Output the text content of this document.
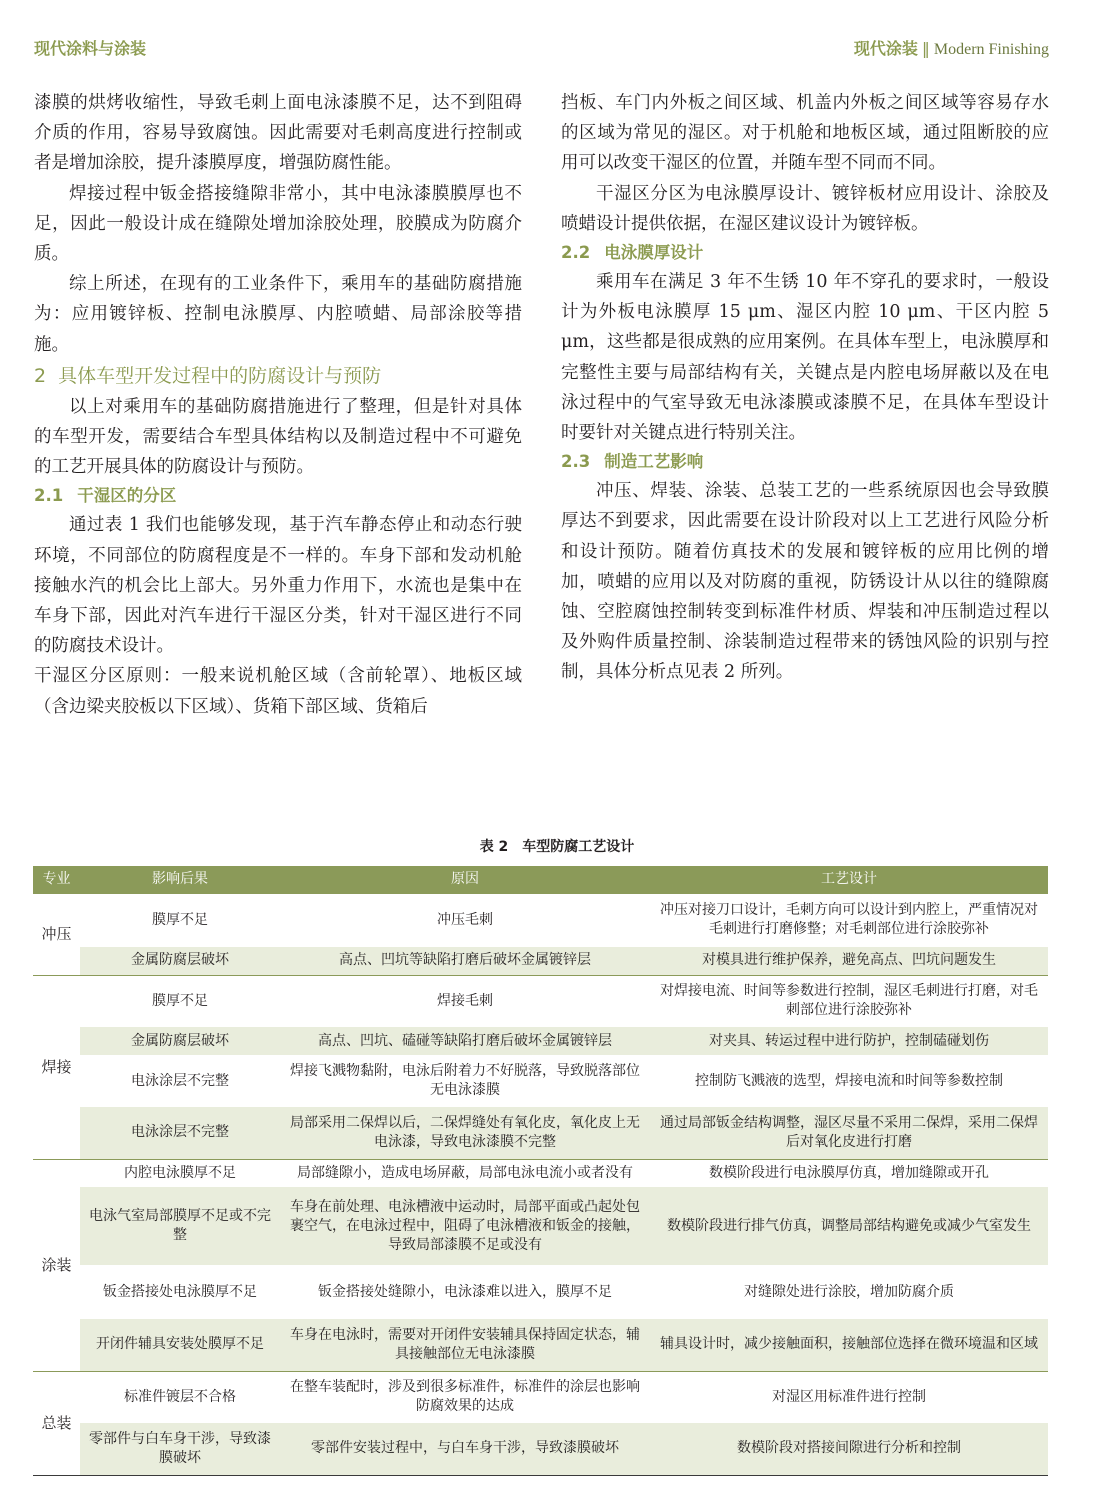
现代涂料与涂装	现代涂装 ‖ Modern Finishing

漆膜的烘烤收缩性，导致毛刺上面电泳漆膜不足，达不到阻碍介质的作用，容易导致腐蚀。因此需要对毛刺高度进行控制或者是增加涂胶，提升漆膜厚度，增强防腐性能。

焊接过程中钣金搭接缝隙非常小，其中电泳漆膜膜厚也不足，因此一般设计成在缝隙处增加涂胶处理，胶膜成为防腐介质。

综上所述，在现有的工业条件下，乘用车的基础防腐措施为：应用镀锌板、控制电泳膜厚、内腔喷蜡、局部涂胶等措施。

2 具体车型开发过程中的防腐设计与预防

以上对乘用车的基础防腐措施进行了整理，但是针对具体的车型开发，需要结合车型具体结构以及制造过程中不可避免的工艺开展具体的防腐设计与预防。

2.1 干湿区的分区

通过表 1 我们也能够发现，基于汽车静态停止和动态行驶环境，不同部位的防腐程度是不一样的。车身下部和发动机舱接触水汽的机会比上部大。另外重力作用下，水流也是集中在车身下部，因此对汽车进行干湿区分类，针对干湿区进行不同的防腐技术设计。

干湿区分区原则：一般来说机舱区域（含前轮罩）、地板区域（含边梁夹胶板以下区域）、货箱下部区域、货箱后

挡板、车门内外板之间区域、机盖内外板之间区域等容易存水的区域为常见的湿区。对于机舱和地板区域，通过阻断胶的应用可以改变干湿区的位置，并随车型不同而不同。

干湿区分区为电泳膜厚设计、镀锌板材应用设计、涂胶及喷蜡设计提供依据，在湿区建议设计为镀锌板。

2.2 电泳膜厚设计

乘用车在满足 3 年不生锈 10 年不穿孔的要求时，一般设计为外板电泳膜厚 15 μm、湿区内腔 10 μm、干区内腔 5 μm，这些都是很成熟的应用案例。在具体车型上，电泳膜厚和完整性主要与局部结构有关，关键点是内腔电场屏蔽以及在电泳过程中的气室导致无电泳漆膜或漆膜不足，在具体车型设计时要针对关键点进行特别关注。

2.3 制造工艺影响

冲压、焊装、涂装、总装工艺的一些系统原因也会导致膜厚达不到要求，因此需要在设计阶段对以上工艺进行风险分析和设计预防。随着仿真技术的发展和镀锌板的应用比例的增加，喷蜡的应用以及对防腐的重视，防锈设计从以往的缝隙腐蚀、空腔腐蚀控制转变到标准件材质、焊装和冲压制造过程以及外购件质量控制、涂装制造过程带来的锈蚀风险的识别与控制，具体分析点见表 2 所列。

表 2　车型防腐工艺设计
专业	影响后果	原因	工艺设计
冲压	膜厚不足	冲压毛刺	冲压对接刀口设计，毛刺方向可以设计到内腔上，严重情况对毛刺进行打磨修整；对毛刺部位进行涂胶弥补
	金属防腐层破坏	高点、凹坑等缺陷打磨后破坏金属镀锌层	对模具进行维护保养，避免高点、凹坑问题发生
焊接	膜厚不足	焊接毛刺	对焊接电流、时间等参数进行控制，湿区毛刺进行打磨，对毛刺部位进行涂胶弥补
	金属防腐层破坏	高点、凹坑、磕碰等缺陷打磨后破坏金属镀锌层	对夹具、转运过程中进行防护，控制磕碰划伤
	电泳涂层不完整	焊接飞溅物黏附，电泳后附着力不好脱落，导致脱落部位无电泳漆膜	控制防飞溅液的选型，焊接电流和时间等参数控制
	电泳涂层不完整	局部采用二保焊以后，二保焊缝处有氧化皮，氧化皮上无电泳漆，导致电泳漆膜不完整	通过局部钣金结构调整，湿区尽量不采用二保焊，采用二保焊后对氧化皮进行打磨
涂装	内腔电泳膜厚不足	局部缝隙小，造成电场屏蔽，局部电泳电流小或者没有	数模阶段进行电泳膜厚仿真，增加缝隙或开孔
	电泳气室局部膜厚不足或不完整	车身在前处理、电泳槽液中运动时，局部平面或凸起处包裹空气，在电泳过程中，阻碍了电泳槽液和钣金的接触，导致局部漆膜不足或没有	数模阶段进行排气仿真，调整局部结构避免或减少气室发生
	钣金搭接处电泳膜厚不足	钣金搭接处缝隙小，电泳漆难以进入，膜厚不足	对缝隙处进行涂胶，增加防腐介质
	开闭件辅具安装处膜厚不足	车身在电泳时，需要对开闭件安装辅具保持固定状态，辅具接触部位无电泳漆膜	辅具设计时，减少接触面积，接触部位选择在微环境温和区域
总装	标准件镀层不合格	在整车装配时，涉及到很多标准件，标准件的涂层也影响防腐效果的达成	对湿区用标准件进行控制
	零部件与白车身干涉，导致漆膜破坏	零部件安装过程中，与白车身干涉，导致漆膜破坏	数模阶段对搭接间隙进行分析和控制
